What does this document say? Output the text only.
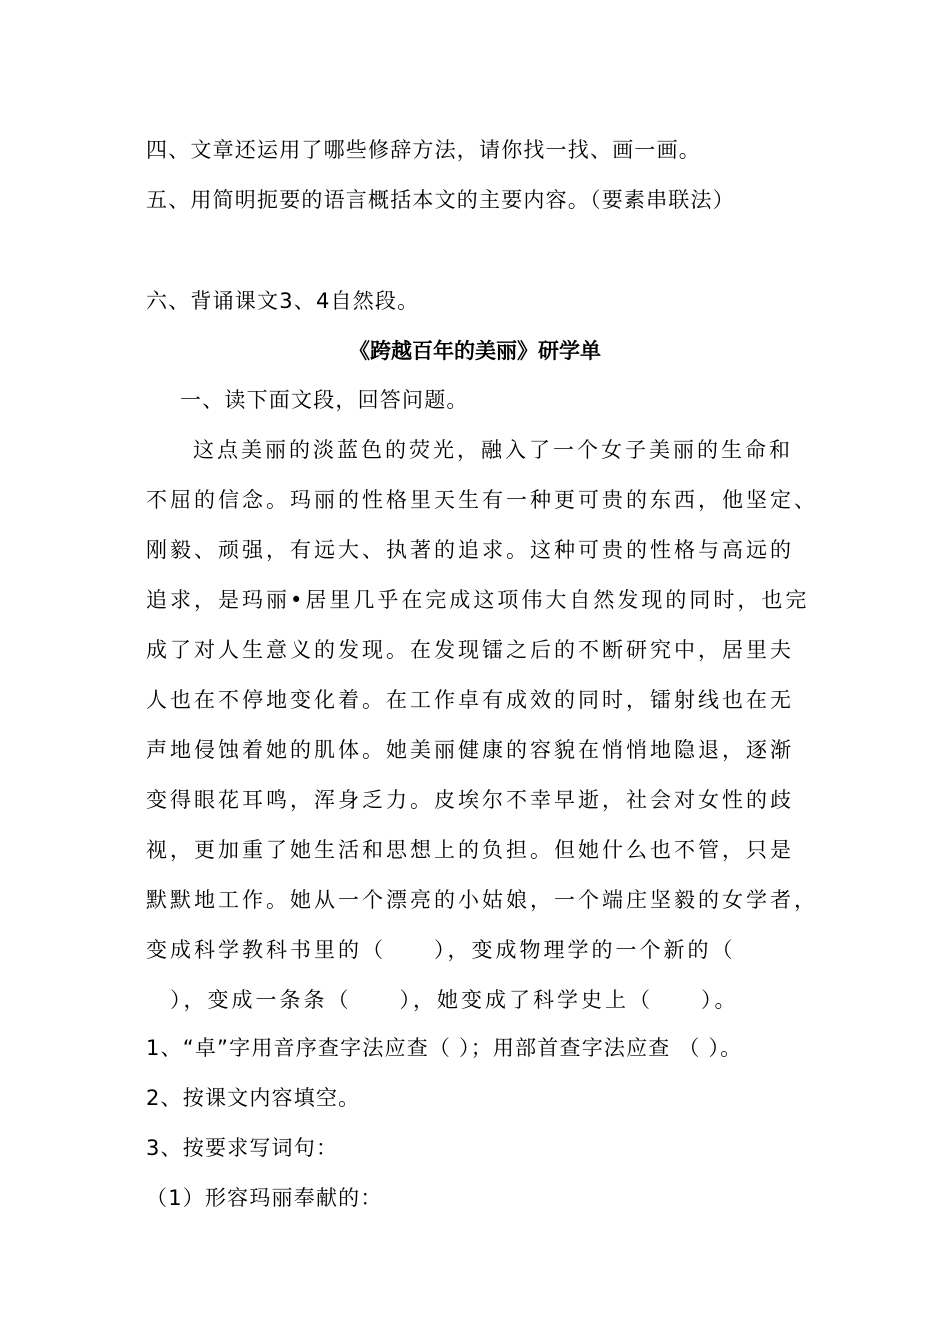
四、文章还运用了哪些修辞方法，请你找一找、画一画。
五、用简明扼要的语言概括本文的主要内容。（要素串联法）
六、背诵课文3、4自然段。
《跨越百年的美丽》研学单
一、读下面文段，回答问题。
这点美丽的淡蓝色的荧光，融入了一个女子美丽的生命和
不屈的信念。玛丽的性格里天生有一种更可贵的东西，他坚定、
刚毅、顽强，有远大、执著的追求。这种可贵的性格与高远的
追求，是玛丽•居里几乎在完成这项伟大自然发现的同时，也完
成了对人生意义的发现。在发现镭之后的不断研究中，居里夫
人也在不停地变化着。在工作卓有成效的同时，镭射线也在无
声地侵蚀着她的肌体。她美丽健康的容貌在悄悄地隐退，逐渐
变得眼花耳鸣，浑身乏力。皮埃尔不幸早逝，社会对女性的歧
视，更加重了她生活和思想上的负担。但她什么也不管，只是
默默地工作。她从一个漂亮的小姑娘，一个端庄坚毅的女学者，
变成科学教科书里的（　　），变成物理学的一个新的（
　），变成一条条（　　），她变成了科学史上（　　）。
1、“卓”字用音序查字法应查（ ）；用部首查字法应查 （ ）。
2、按课文内容填空。
3、按要求写词句：
（1）形容玛丽奉献的：
